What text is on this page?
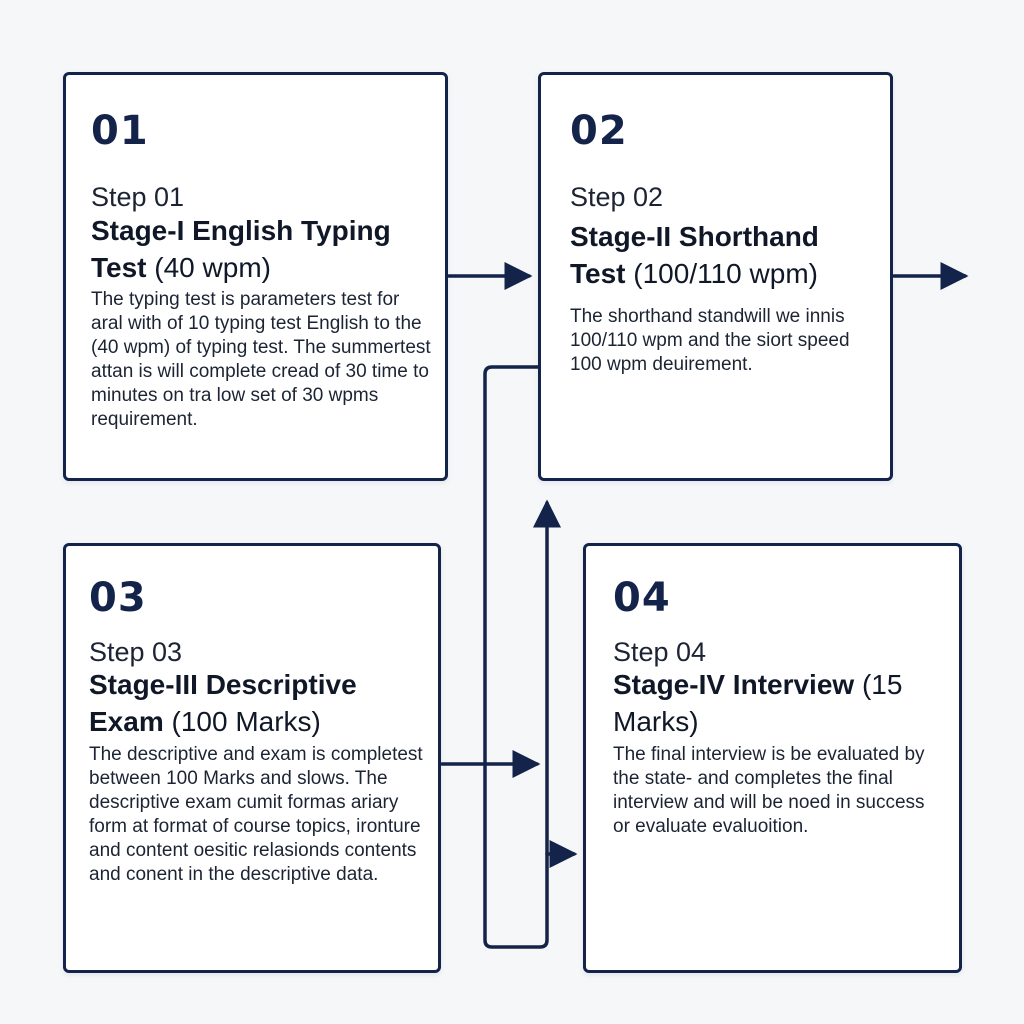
01
Step 01
Stage-I English Typing Test (40 wpm)
The typing test is parameters test for aral with of 10 typing test English to the (40 wpm) of typing test. The summertest attan is will complete cread of 30 time to minutes on tra low set of 30 wpms requirement.
02
Step 02
Stage-II Shorthand Test (100/110 wpm)
The shorthand standwill we innis 100/110 wpm and the siort speed 100 wpm deuirement.
03
Step 03
Stage-III Descriptive Exam (100 Marks)
The descriptive and exam is completest between 100 Marks and slows. The descriptive exam cumit formas ariary form at format of course topics, ironture and content oesitic relasionds contents and conent in the descriptive data.
04
Step 04
Stage-IV Interview (15 Marks)
The final interview is be evaluated by the state- and completes the final interview and will be noed in success or evaluate evaluoition.
